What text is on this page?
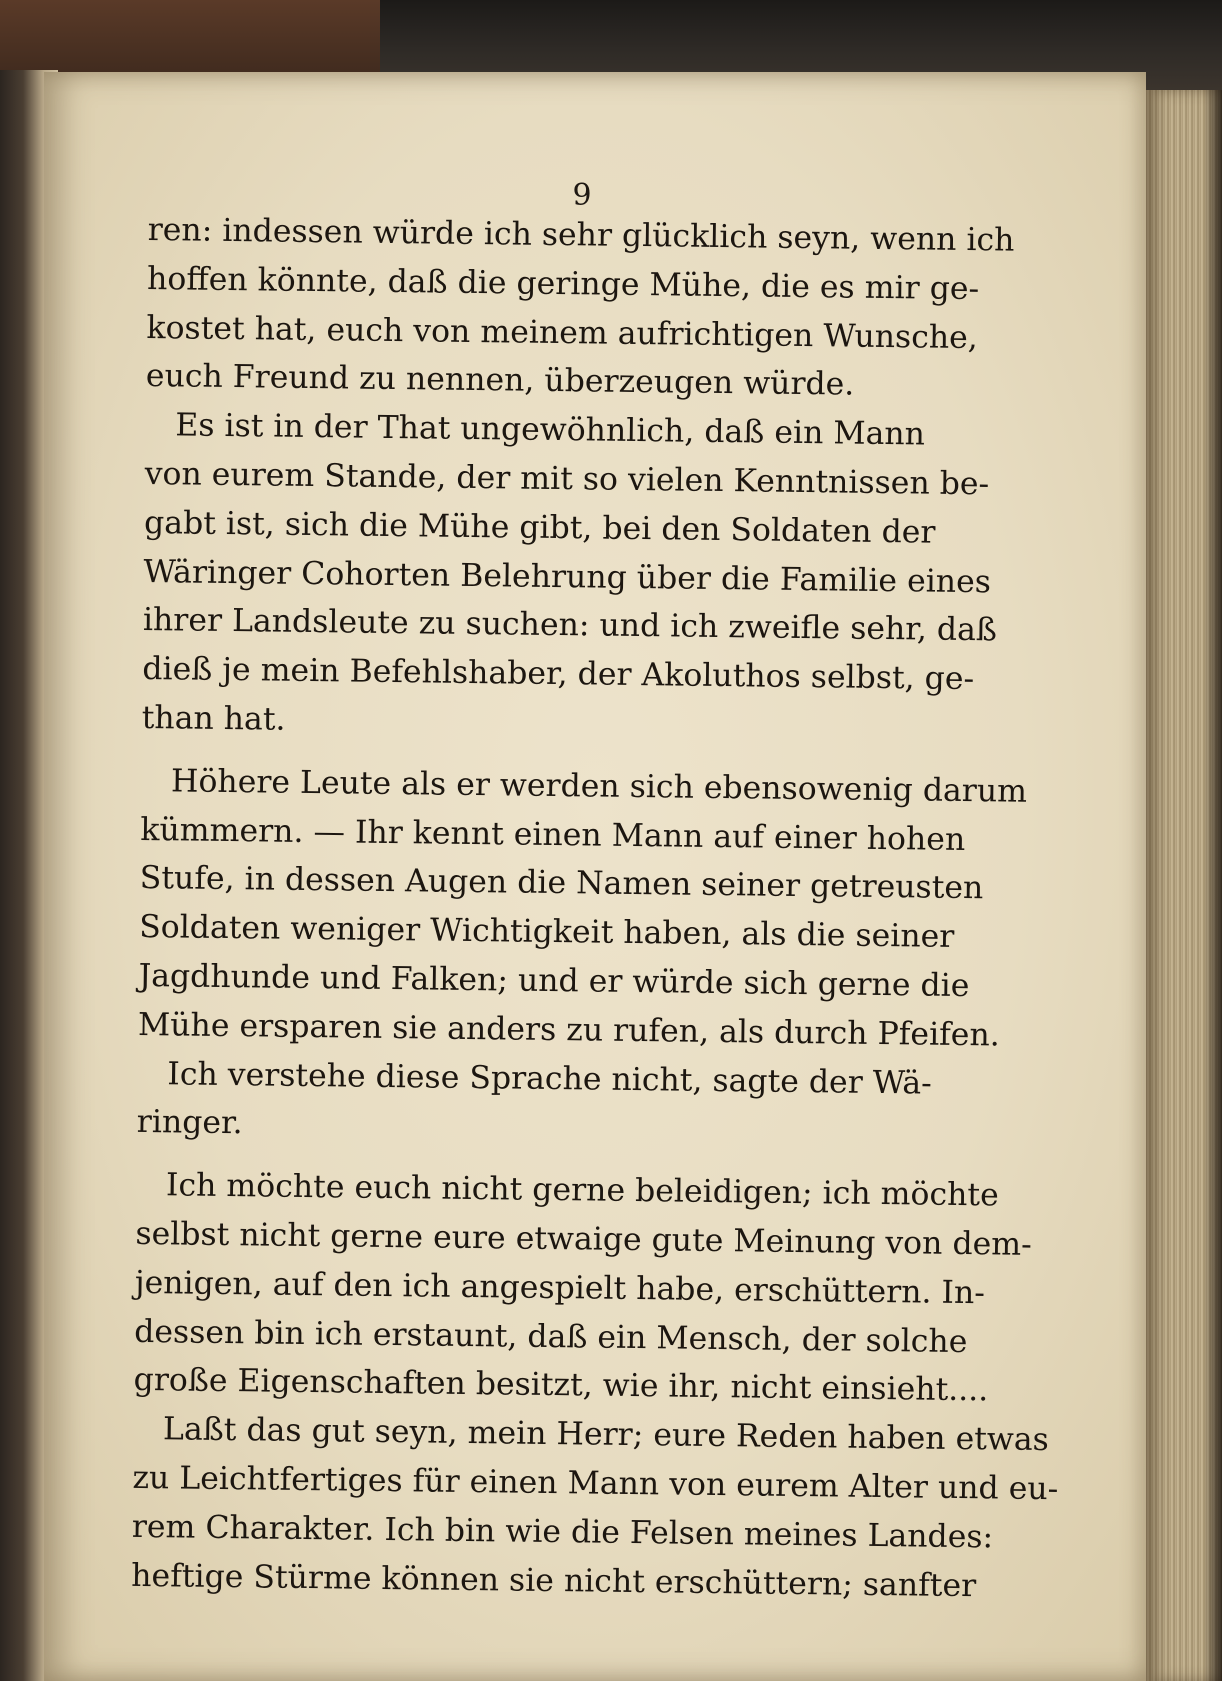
9
ren: indessen würde ich sehr glücklich seyn, wenn ich
hoffen könnte, daß die geringe Mühe, die es mir ge-
kostet hat, euch von meinem aufrichtigen Wunsche,
euch Freund zu nennen, überzeugen würde.
Es ist in der That ungewöhnlich, daß ein Mann
von eurem Stande, der mit so vielen Kenntnissen be-
gabt ist, sich die Mühe gibt, bei den Soldaten der
Wäringer Cohorten Belehrung über die Familie eines
ihrer Landsleute zu suchen: und ich zweifle sehr, daß
dieß je mein Befehlshaber, der Akoluthos selbst, ge-
than hat.
Höhere Leute als er werden sich ebensowenig darum
kümmern. — Ihr kennt einen Mann auf einer hohen
Stufe, in dessen Augen die Namen seiner getreusten
Soldaten weniger Wichtigkeit haben, als die seiner
Jagdhunde und Falken; und er würde sich gerne die
Mühe ersparen sie anders zu rufen, als durch Pfeifen.
Ich verstehe diese Sprache nicht, sagte der Wä-
ringer.
Ich möchte euch nicht gerne beleidigen; ich möchte
selbst nicht gerne eure etwaige gute Meinung von dem-
jenigen, auf den ich angespielt habe, erschüttern. In-
dessen bin ich erstaunt, daß ein Mensch, der solche
große Eigenschaften besitzt, wie ihr, nicht einsieht....
Laßt das gut seyn, mein Herr; eure Reden haben etwas
zu Leichtfertiges für einen Mann von eurem Alter und eu-
rem Charakter. Ich bin wie die Felsen meines Landes:
heftige Stürme können sie nicht erschüttern; sanfter
